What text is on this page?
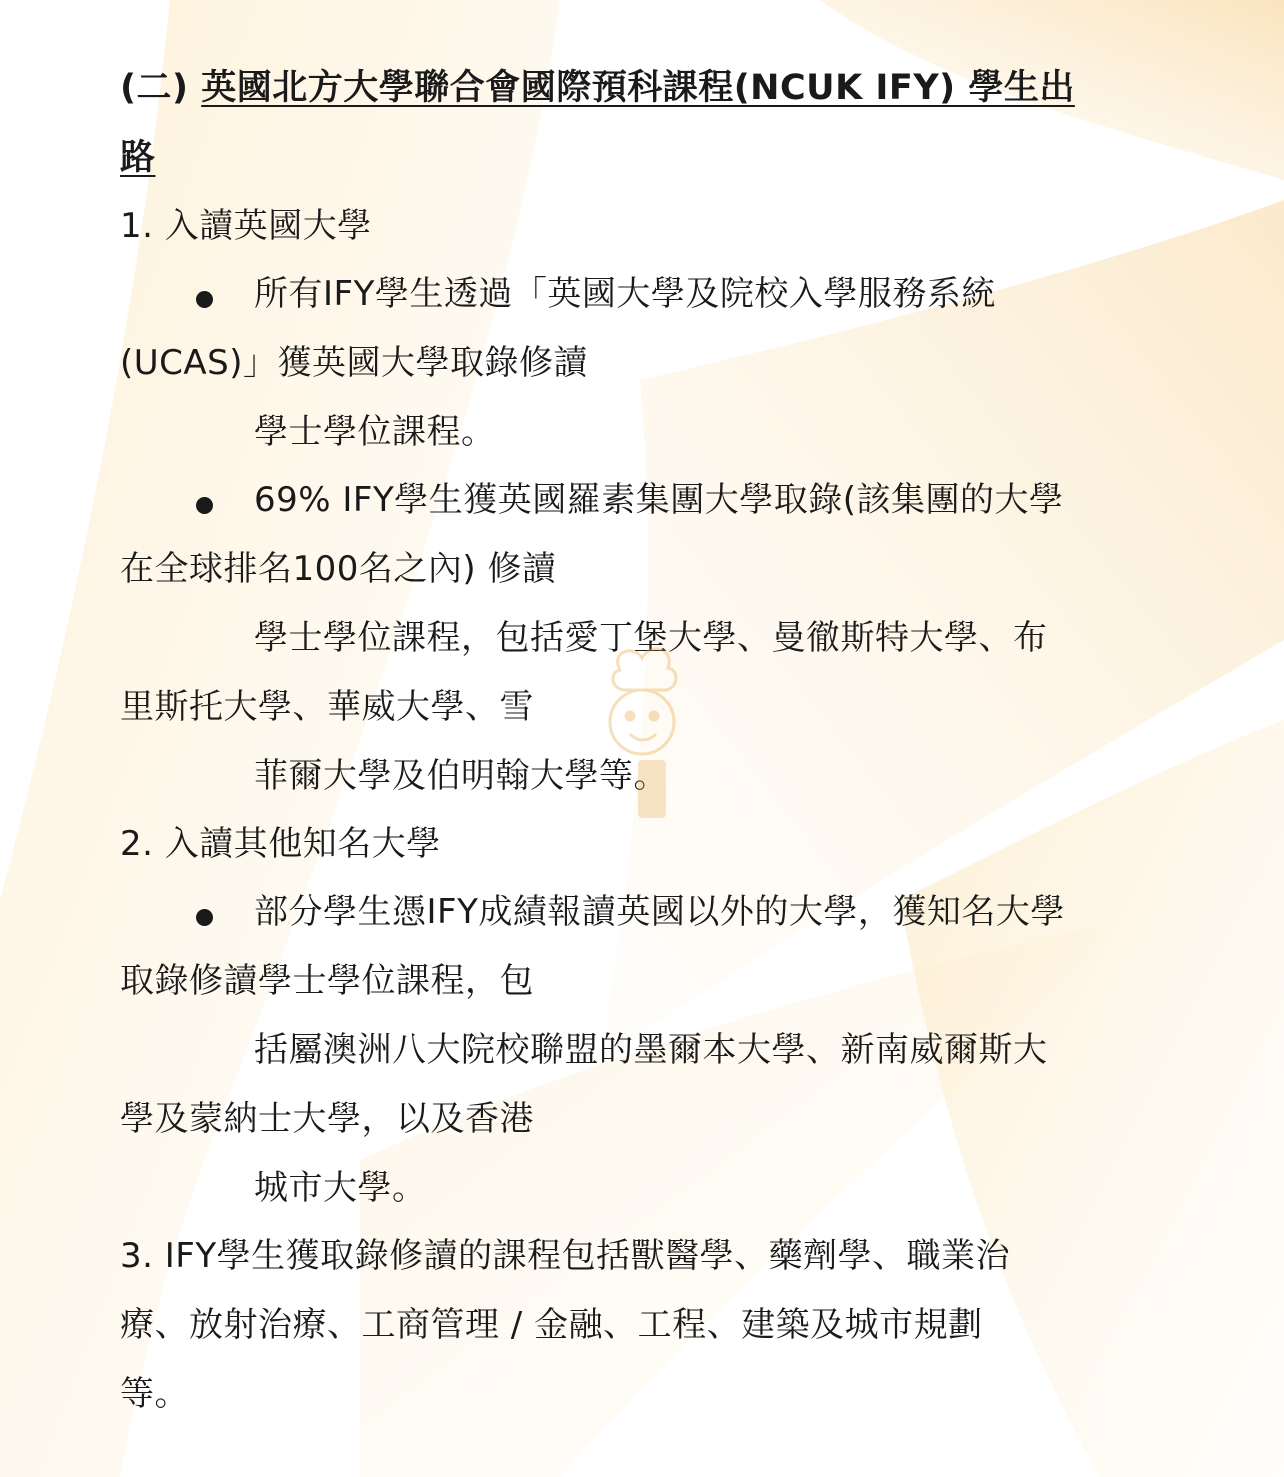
(二) 英國北方大學聯合會國際預科課程(NCUK IFY) 學生出
路
1. 入讀英國大學
所有IFY學生透過「英國大學及院校入學服務系統
(UCAS)」獲英國大學取錄修讀
學士學位課程。
69% IFY學生獲英國羅素集團大學取錄(該集團的大學
在全球排名100名之內) 修讀
學士學位課程，包括愛丁堡大學、曼徹斯特大學、布
里斯托大學、華威大學、雪
菲爾大學及伯明翰大學等。
2. 入讀其他知名大學
部分學生憑IFY成績報讀英國以外的大學，獲知名大學
取錄修讀學士學位課程，包
括屬澳洲八大院校聯盟的墨爾本大學、新南威爾斯大
學及蒙納士大學，以及香港
城市大學。
3. IFY學生獲取錄修讀的課程包括獸醫學、藥劑學、職業治
療、放射治療、工商管理 / 金融、工程、建築及城市規劃
等。
